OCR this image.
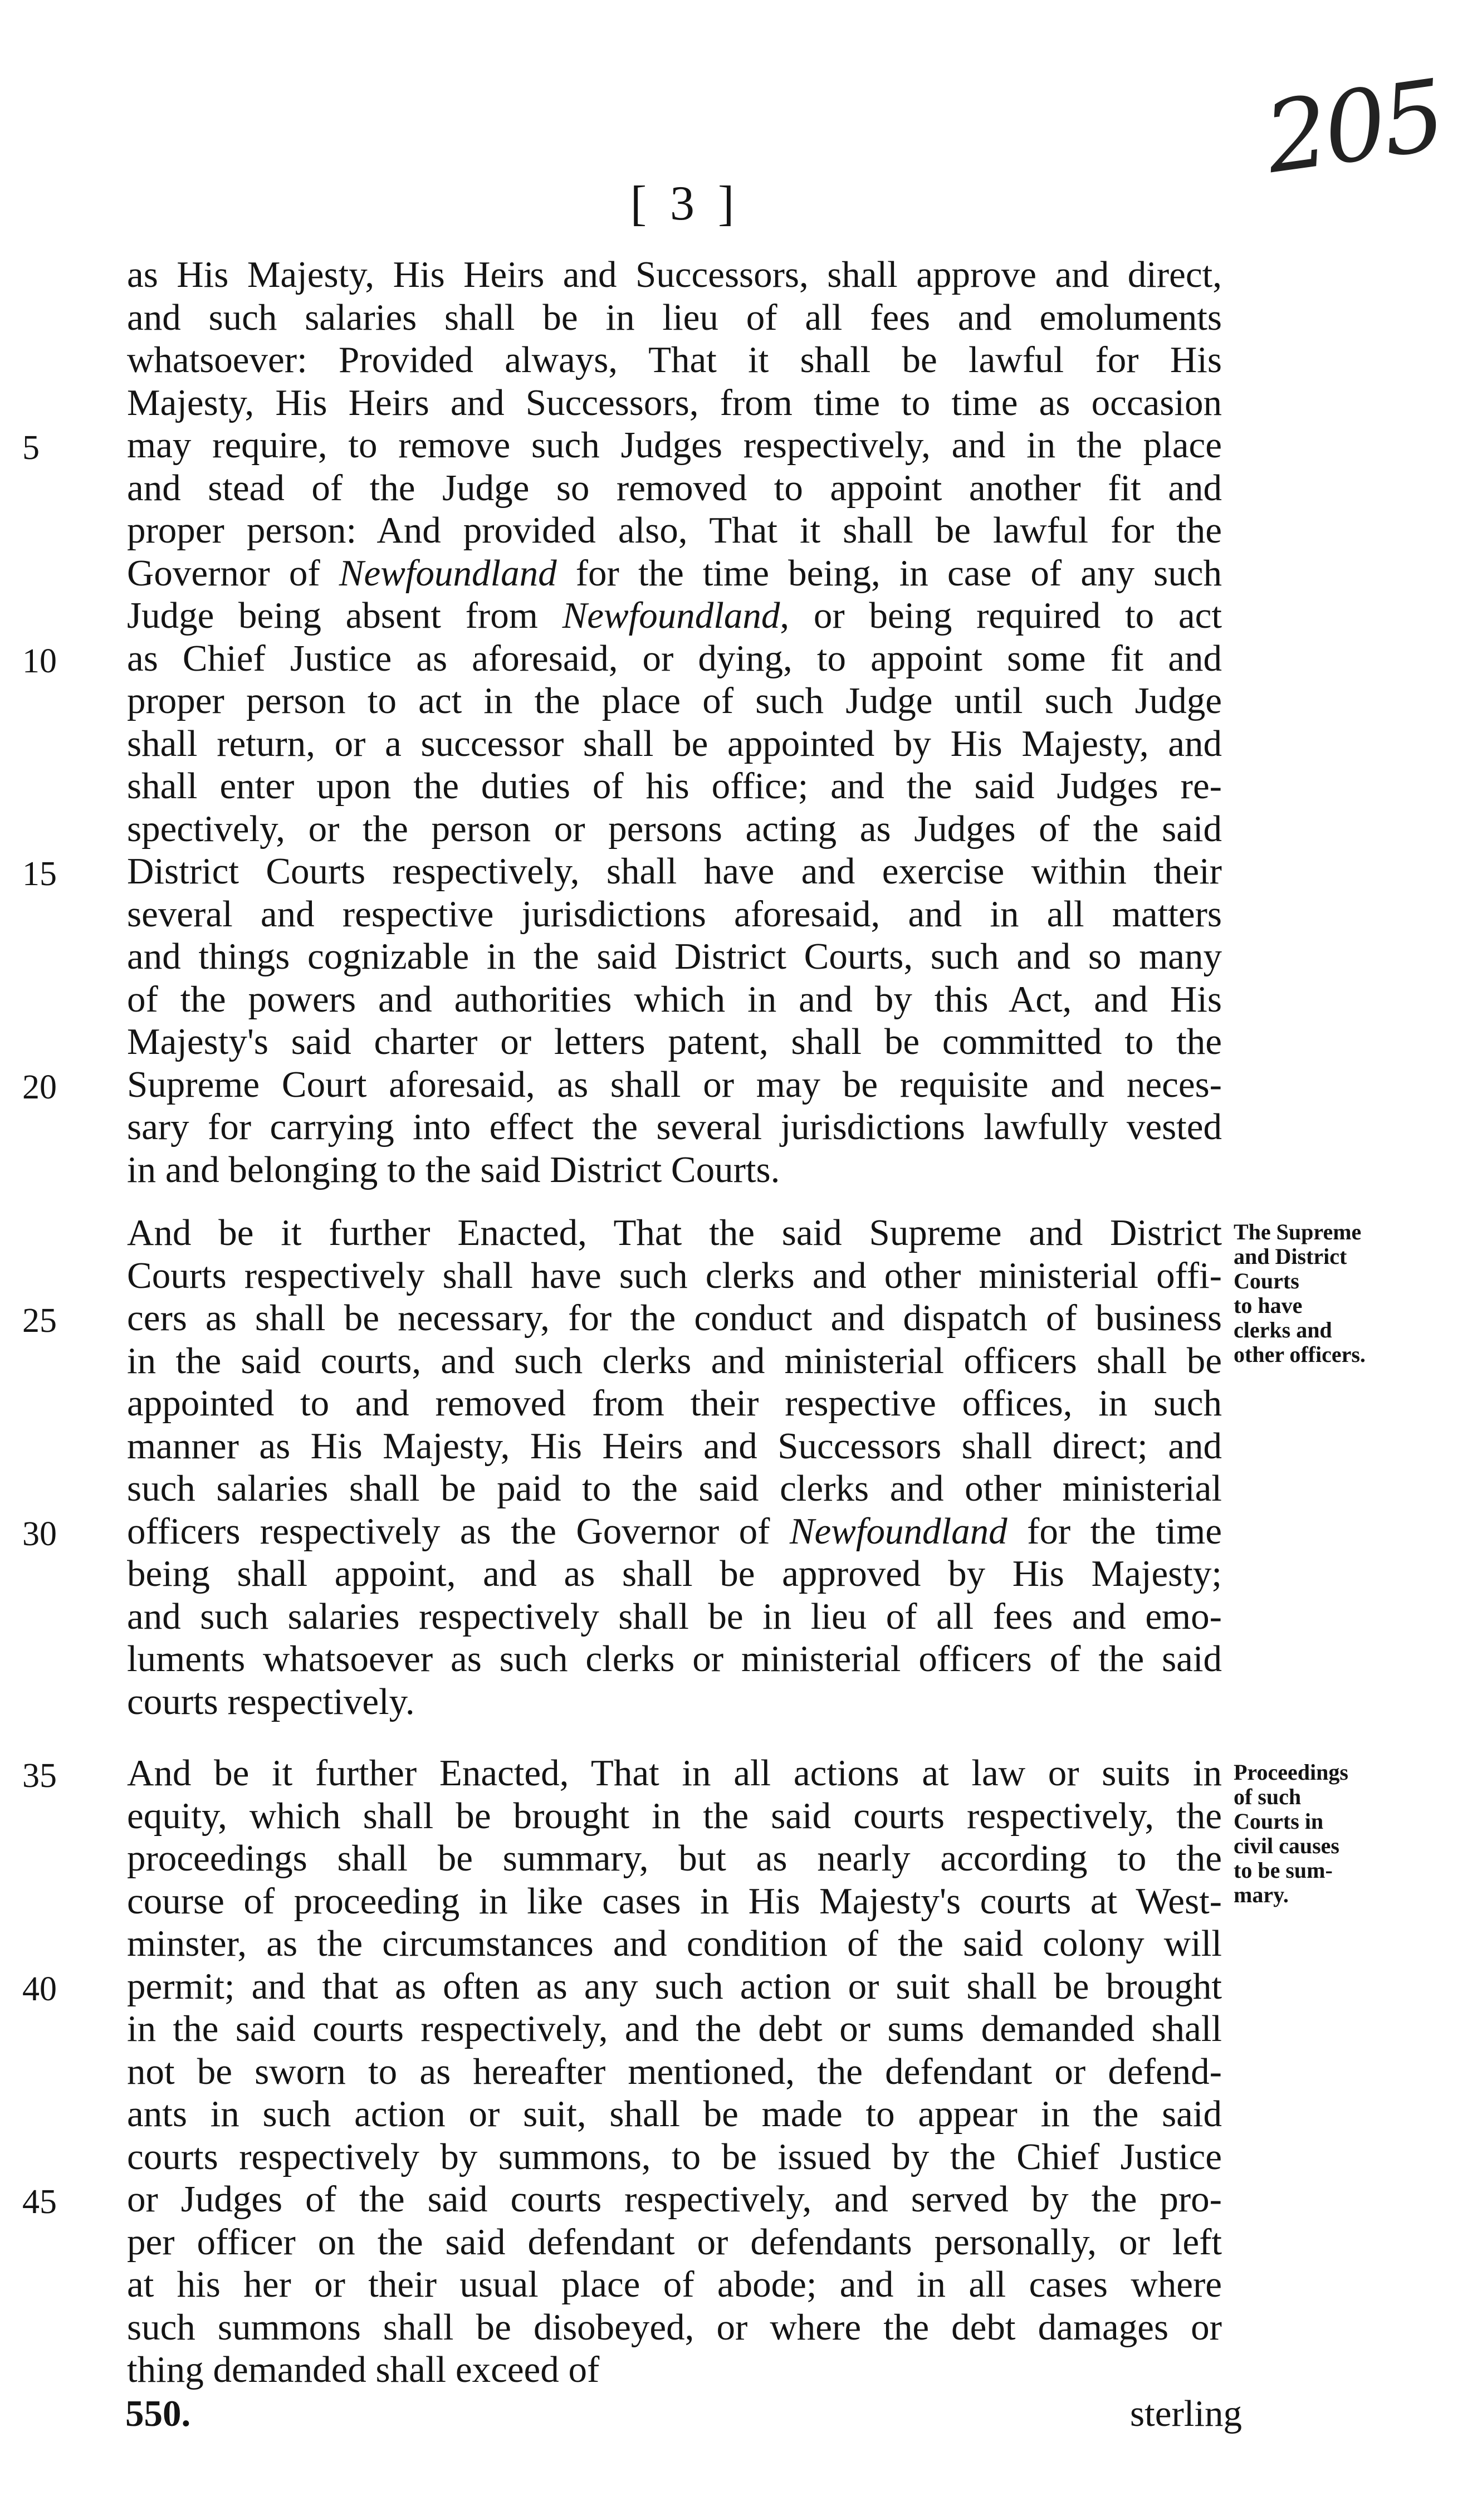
205
[ 3 ]
as His Majesty, His Heirs and Successors, shall approve and direct,
and such salaries shall be in lieu of all fees and emoluments
whatsoever: Provided always, That it shall be lawful for His
Majesty, His Heirs and Successors, from time to time as occasion
may require, to remove such Judges respectively, and in the place
and stead of the Judge so removed to appoint another fit and
proper person: And provided also, That it shall be lawful for the
Governor of Newfoundland for the time being, in case of any such
Judge being absent from Newfoundland, or being required to act
as Chief Justice as aforesaid, or dying, to appoint some fit and
proper person to act in the place of such Judge until such Judge
shall return, or a successor shall be appointed by His Majesty, and
shall enter upon the duties of his office; and the said Judges re-
spectively, or the person or persons acting as Judges of the said
District Courts respectively, shall have and exercise within their
several and respective jurisdictions aforesaid, and in all matters
and things cognizable in the said District Courts, such and so many
of the powers and authorities which in and by this Act, and His
Majesty's said charter or letters patent, shall be committed to the
Supreme Court aforesaid, as shall or may be requisite and neces-
sary for carrying into effect the several jurisdictions lawfully vested
in and belonging to the said District Courts.
5
10
15
20
And be it further Enacted, That the said Supreme and District
Courts respectively shall have such clerks and other ministerial offi-
cers as shall be necessary, for the conduct and dispatch of business
in the said courts, and such clerks and ministerial officers shall be
appointed to and removed from their respective offices, in such
manner as His Majesty, His Heirs and Successors shall direct; and
such salaries shall be paid to the said clerks and other ministerial
officers respectively as the Governor of Newfoundland for the time
being shall appoint, and as shall be approved by His Majesty;
and such salaries respectively shall be in lieu of all fees and emo-
luments whatsoever as such clerks or ministerial officers of the said
courts respectively.
25
30
The Supreme
and District
Courts
to have
clerks and
other officers.
And be it further Enacted, That in all actions at law or suits in
equity, which shall be brought in the said courts respectively, the
proceedings shall be summary, but as nearly according to the
course of proceeding in like cases in His Majesty's courts at West-
minster, as the circumstances and condition of the said colony will
permit; and that as often as any such action or suit shall be brought
in the said courts respectively, and the debt or sums demanded shall
not be sworn to as hereafter mentioned, the defendant or defend-
ants in such action or suit, shall be made to appear in the said
courts respectively by summons, to be issued by the Chief Justice
or Judges of the said courts respectively, and served by the pro-
per officer on the said defendant or defendants personally, or left
at his her or their usual place of abode; and in all cases where
such summons shall be disobeyed, or where the debt damages or
thing demanded shall exceed of
35
40
45
Proceedings
of such
Courts in
civil causes
to be sum-
mary.
550.	sterling
